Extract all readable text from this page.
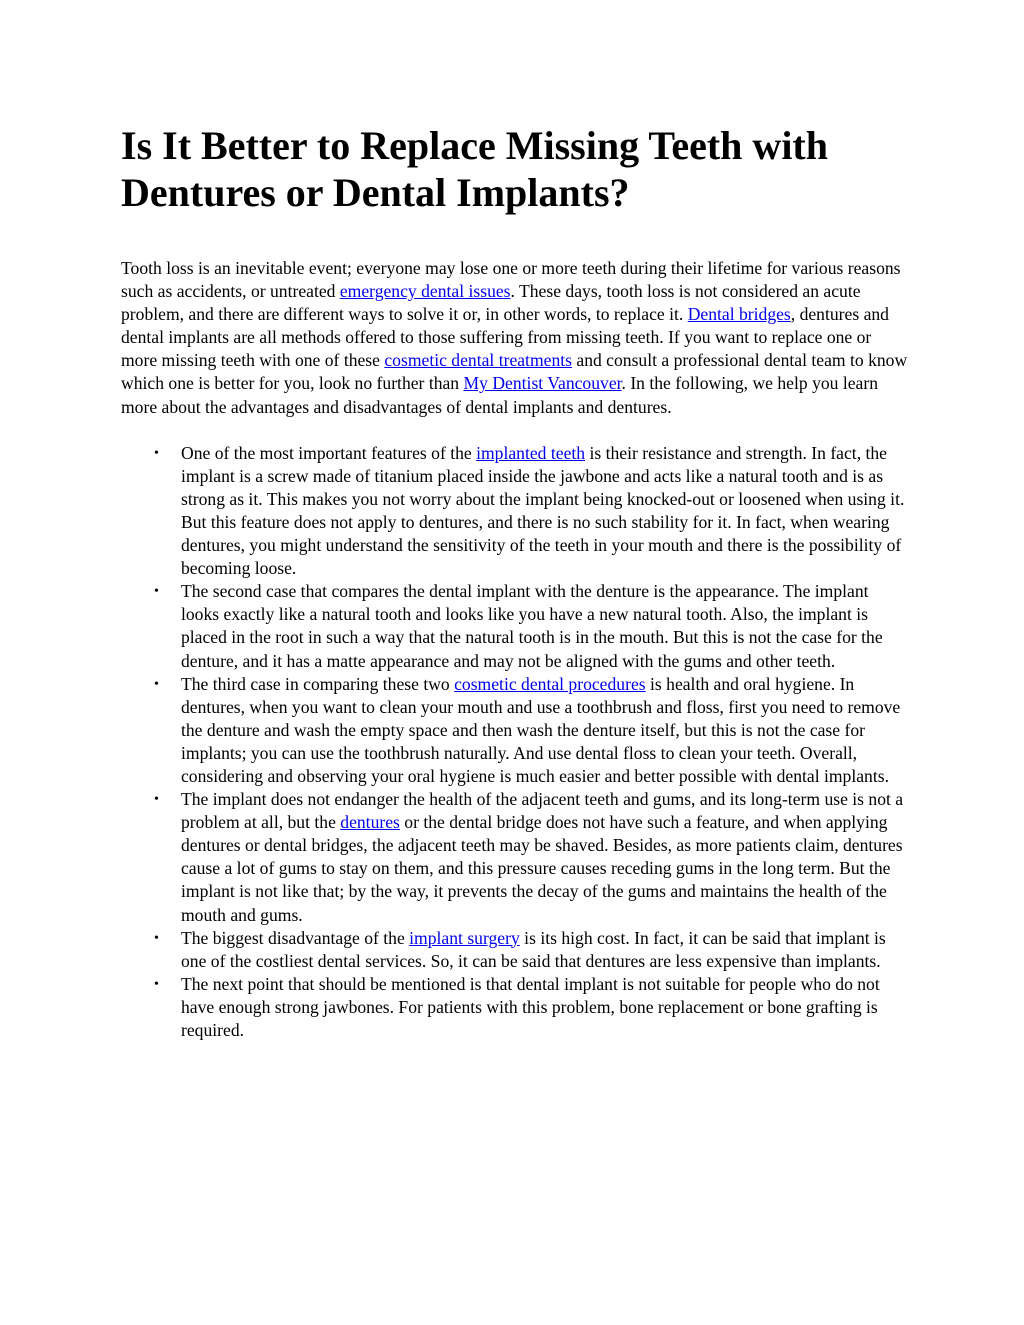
Is It Better to Replace Missing Teeth with Dentures or Dental Implants?

Tooth loss is an inevitable event; everyone may lose one or more teeth during their lifetime for various reasons such as accidents, or untreated emergency dental issues. These days, tooth loss is not considered an acute problem, and there are different ways to solve it or, in other words, to replace it. Dental bridges, dentures and dental implants are all methods offered to those suffering from missing teeth. If you want to replace one or more missing teeth with one of these cosmetic dental treatments and consult a professional dental team to know which one is better for you, look no further than My Dentist Vancouver. In the following, we help you learn more about the advantages and disadvantages of dental implants and dentures.

• One of the most important features of the implanted teeth is their resistance and strength. In fact, the implant is a screw made of titanium placed inside the jawbone and acts like a natural tooth and is as strong as it. This makes you not worry about the implant being knocked-out or loosened when using it. But this feature does not apply to dentures, and there is no such stability for it. In fact, when wearing dentures, you might understand the sensitivity of the teeth in your mouth and there is the possibility of becoming loose.
• The second case that compares the dental implant with the denture is the appearance. The implant looks exactly like a natural tooth and looks like you have a new natural tooth. Also, the implant is placed in the root in such a way that the natural tooth is in the mouth. But this is not the case for the denture, and it has a matte appearance and may not be aligned with the gums and other teeth.
• The third case in comparing these two cosmetic dental procedures is health and oral hygiene. In dentures, when you want to clean your mouth and use a toothbrush and floss, first you need to remove the denture and wash the empty space and then wash the denture itself, but this is not the case for implants; you can use the toothbrush naturally. And use dental floss to clean your teeth. Overall, considering and observing your oral hygiene is much easier and better possible with dental implants.
• The implant does not endanger the health of the adjacent teeth and gums, and its long-term use is not a problem at all, but the dentures or the dental bridge does not have such a feature, and when applying dentures or dental bridges, the adjacent teeth may be shaved. Besides, as more patients claim, dentures cause a lot of gums to stay on them, and this pressure causes receding gums in the long term. But the implant is not like that; by the way, it prevents the decay of the gums and maintains the health of the mouth and gums.
• The biggest disadvantage of the implant surgery is its high cost. In fact, it can be said that implant is one of the costliest dental services. So, it can be said that dentures are less expensive than implants.
• The next point that should be mentioned is that dental implant is not suitable for people who do not have enough strong jawbones. For patients with this problem, bone replacement or bone grafting is required.
